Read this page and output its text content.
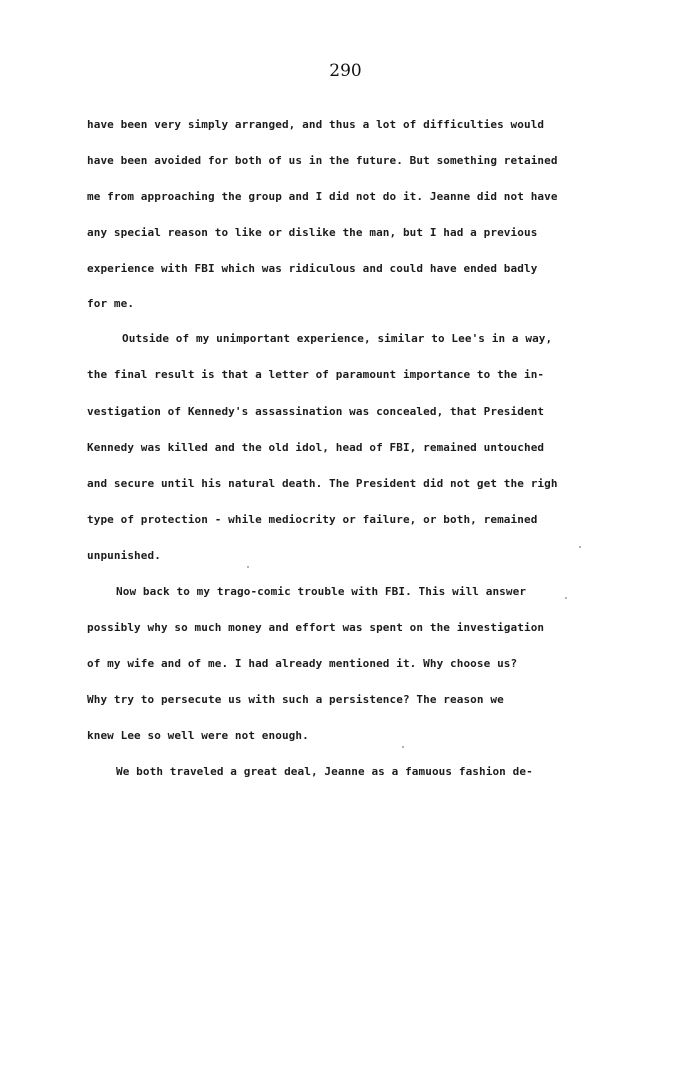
290
have been very simply arranged, and thus a lot of difficulties would
have been avoided for both of us in the future. But something retained
me from approaching the group and I did not do it. Jeanne did not have
any special reason to like or dislike the man, but I had a previous
experience with FBI which was ridiculous and could have ended badly
for me.
Outside of my unimportant experience, similar to Lee's in a way,
the final result is that a letter of paramount importance to the in-
vestigation of Kennedy's assassination was concealed, that President
Kennedy was killed and the old idol, head of FBI, remained untouched
and secure until his natural death. The President did not get the righ
type of protection - while mediocrity or failure, or both, remained
unpunished.
Now back to my trago-comic trouble with FBI. This will answer
possibly why so much money and effort was spent on the investigation
of my wife and of me. I had already mentioned it. Why choose us?
Why try to persecute us with such a persistence? The reason we
knew Lee so well were not enough.
We both traveled a great deal, Jeanne as a famuous fashion de-
